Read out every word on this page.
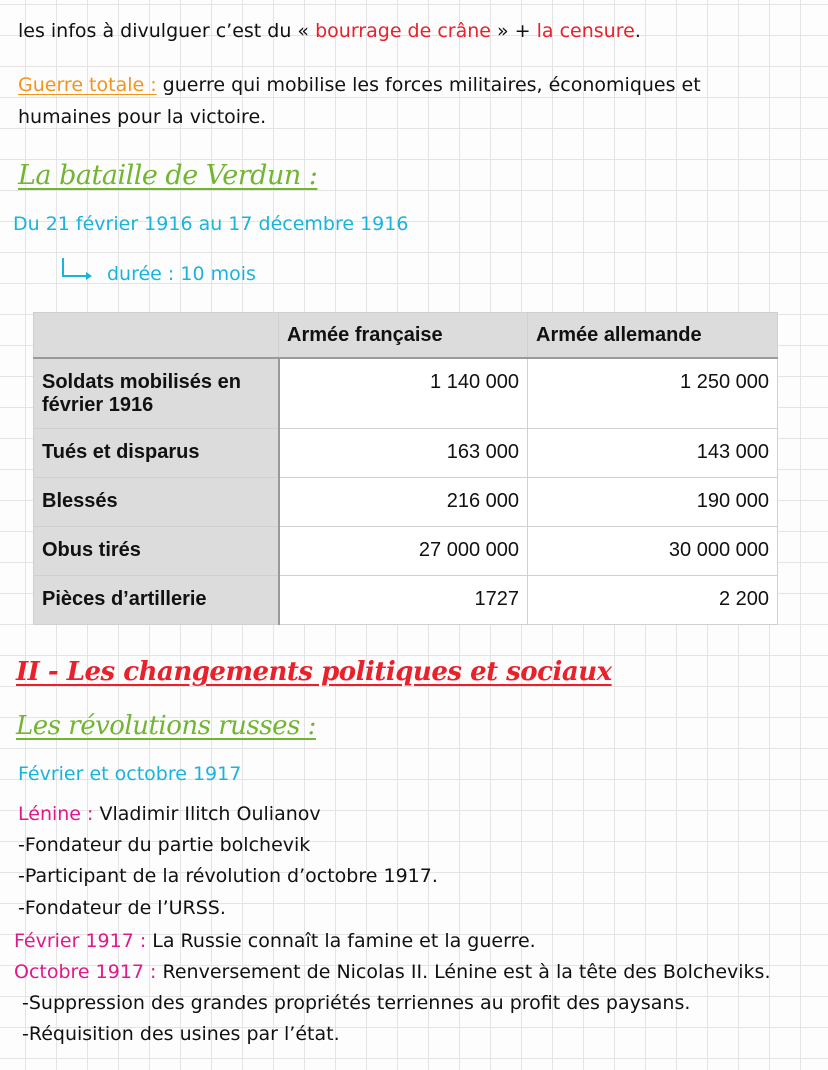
les infos à divulguer c’est du « bourrage de crâne » + la censure.
Guerre totale : guerre qui mobilise les forces militaires, économiques et
humaines pour la victoire.
La bataille de Verdun :
Du 21 février 1916 au 17 décembre 1916
durée : 10 mois
	Armée française	Armée allemande
Soldats mobilisés en février 1916	1 140 000	1 250 000
Tués et disparus	163 000	143 000
Blessés	216 000	190 000
Obus tirés	27 000 000	30 000 000
Pièces d’artillerie	1727	2 200
II - Les changements politiques et sociaux
Les révolutions russes :
Février et octobre 1917
Lénine : Vladimir Ilitch Oulianov
-Fondateur du partie bolchevik
-Participant de la révolution d’octobre 1917.
-Fondateur de l’URSS.
Février 1917 : La Russie connaît la famine et la guerre.
Octobre 1917 : Renversement de Nicolas II. Lénine est à la tête des Bolcheviks.
-Suppression des grandes propriétés terriennes au profit des paysans.
-Réquisition des usines par l’état.
